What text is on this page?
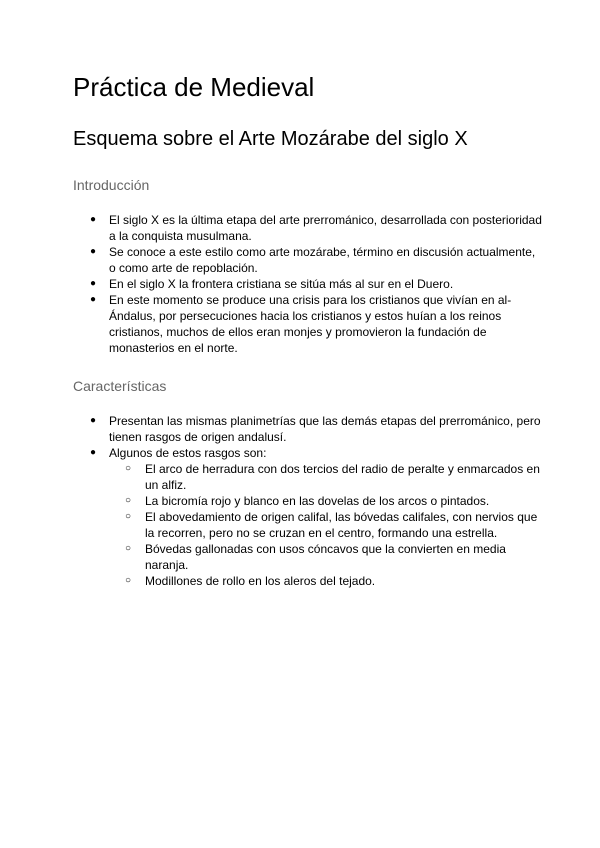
Práctica de Medieval
Esquema sobre el Arte Mozárabe del siglo X
Introducción
● El siglo X es la última etapa del arte prerrománico, desarrollada con posterioridad a la conquista musulmana.
● Se conoce a este estilo como arte mozárabe, término en discusión actualmente, o como arte de repoblación.
● En el siglo X la frontera cristiana se sitúa más al sur en el Duero.
● En este momento se produce una crisis para los cristianos que vivían en al-Ándalus, por persecuciones hacia los cristianos y estos huían a los reinos cristianos, muchos de ellos eran monjes y promovieron la fundación de monasterios en el norte.
Características
● Presentan las mismas planimetrías que las demás etapas del prerrománico, pero tienen rasgos de origen andalusí.
● Algunos de estos rasgos son:
○ El arco de herradura con dos tercios del radio de peralte y enmarcados en un alfiz.
○ La bicromía rojo y blanco en las dovelas de los arcos o pintados.
○ El abovedamiento de origen califal, las bóvedas califales, con nervios que la recorren, pero no se cruzan en el centro, formando una estrella.
○ Bóvedas gallonadas con usos cóncavos que la convierten en media naranja.
○ Modillones de rollo en los aleros del tejado.
